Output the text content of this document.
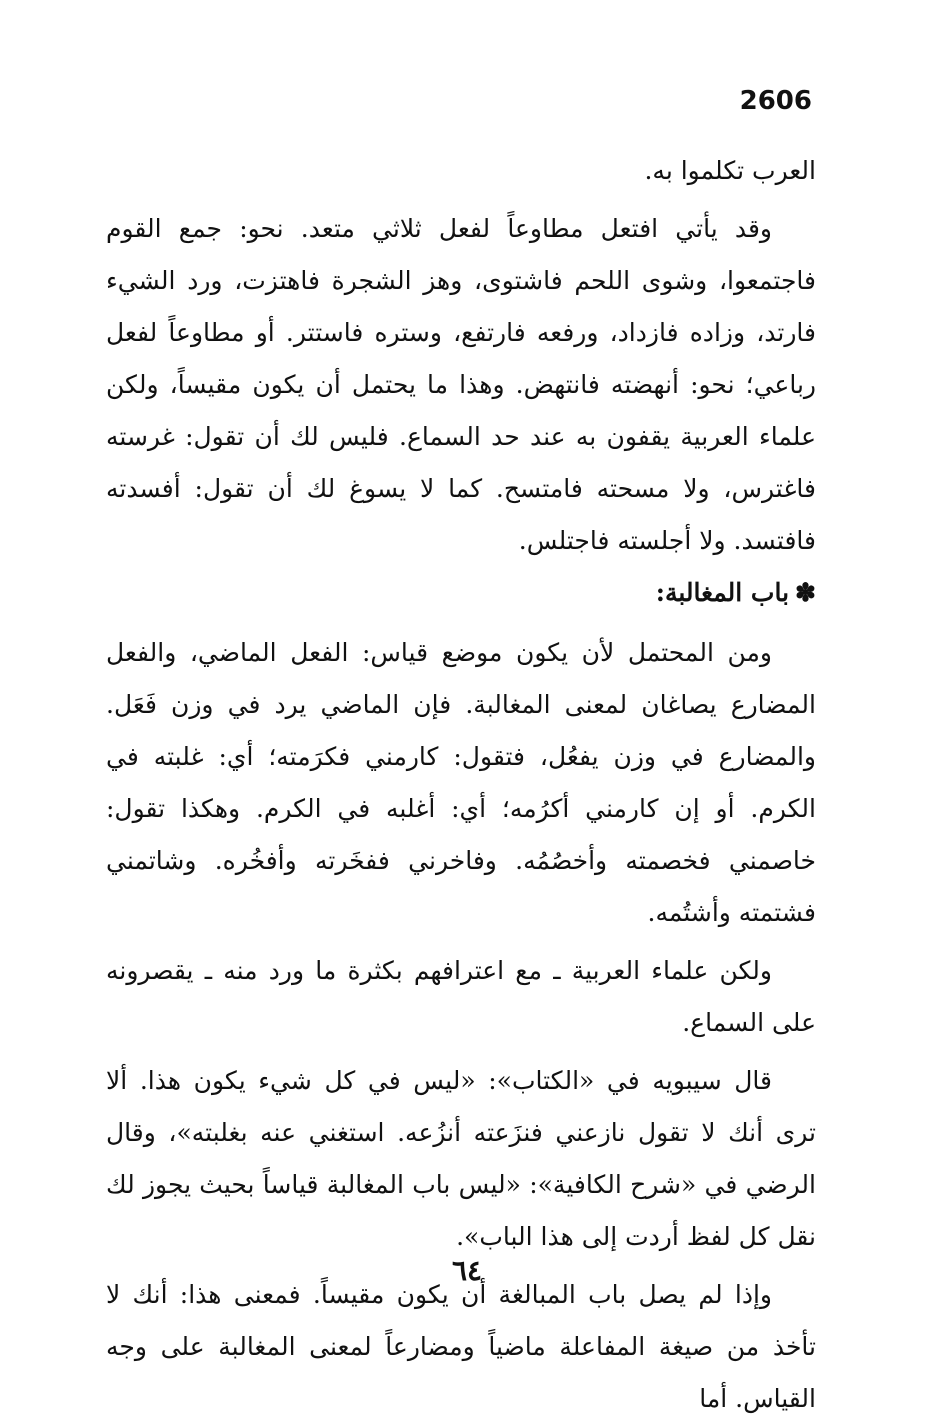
2606

العرب تكلموا به.

وقد يأتي افتعل مطاوعاً لفعل ثلاثي متعد. نحو: جمع القوم فاجتمعوا، وشوى اللحم فاشتوى، وهز الشجرة فاهتزت، ورد الشيء فارتد، وزاده فازداد، ورفعه فارتفع، وستره فاستتر. أو مطاوعاً لفعل رباعي؛ نحو: أنهضته فانتهض. وهذا ما يحتمل أن يكون مقيساً، ولكن علماء العربية يقفون به عند حد السماع. فليس لك أن تقول: غرسته فاغترس، ولا مسحته فامتسح. كما لا يسوغ لك أن تقول: أفسدته فافتسد. ولا أجلسته فاجتلس.

✽باب المغالبة:

ومن المحتمل لأن يكون موضع قياس: الفعل الماضي، والفعل المضارع يصاغان لمعنى المغالبة. فإن الماضي يرد في وزن فَعَل. والمضارع في وزن يفعُل، فتقول: كارمني فكرَمته؛ أي: غلبته في الكرم. أو إن كارمني أكرُمه؛ أي: أغلبه في الكرم. وهكذا تقول: خاصمني فخصمته وأخصُمُه. وفاخرني ففخَرته وأفخُره. وشاتمني فشتمته وأشتُمه.

ولكن علماء العربية ـ مع اعترافهم بكثرة ما ورد منه ـ يقصرونه على السماع.

قال سيبويه في «الكتاب»: «ليس في كل شيء يكون هذا. ألا ترى أنك لا تقول نازعني فنزَعته أنزُعه. استغني عنه بغلبته»، وقال الرضي في «شرح الكافية»: «ليس باب المغالبة قياساً بحيث يجوز لك نقل كل لفظ أردت إلى هذا الباب».

وإذا لم يصل باب المبالغة أن يكون مقيساً. فمعنى هذا: أنك لا تأخذ من صيغة المفاعلة ماضياً ومضارعاً لمعنى المغالبة على وجه القياس. أما

٦٤
